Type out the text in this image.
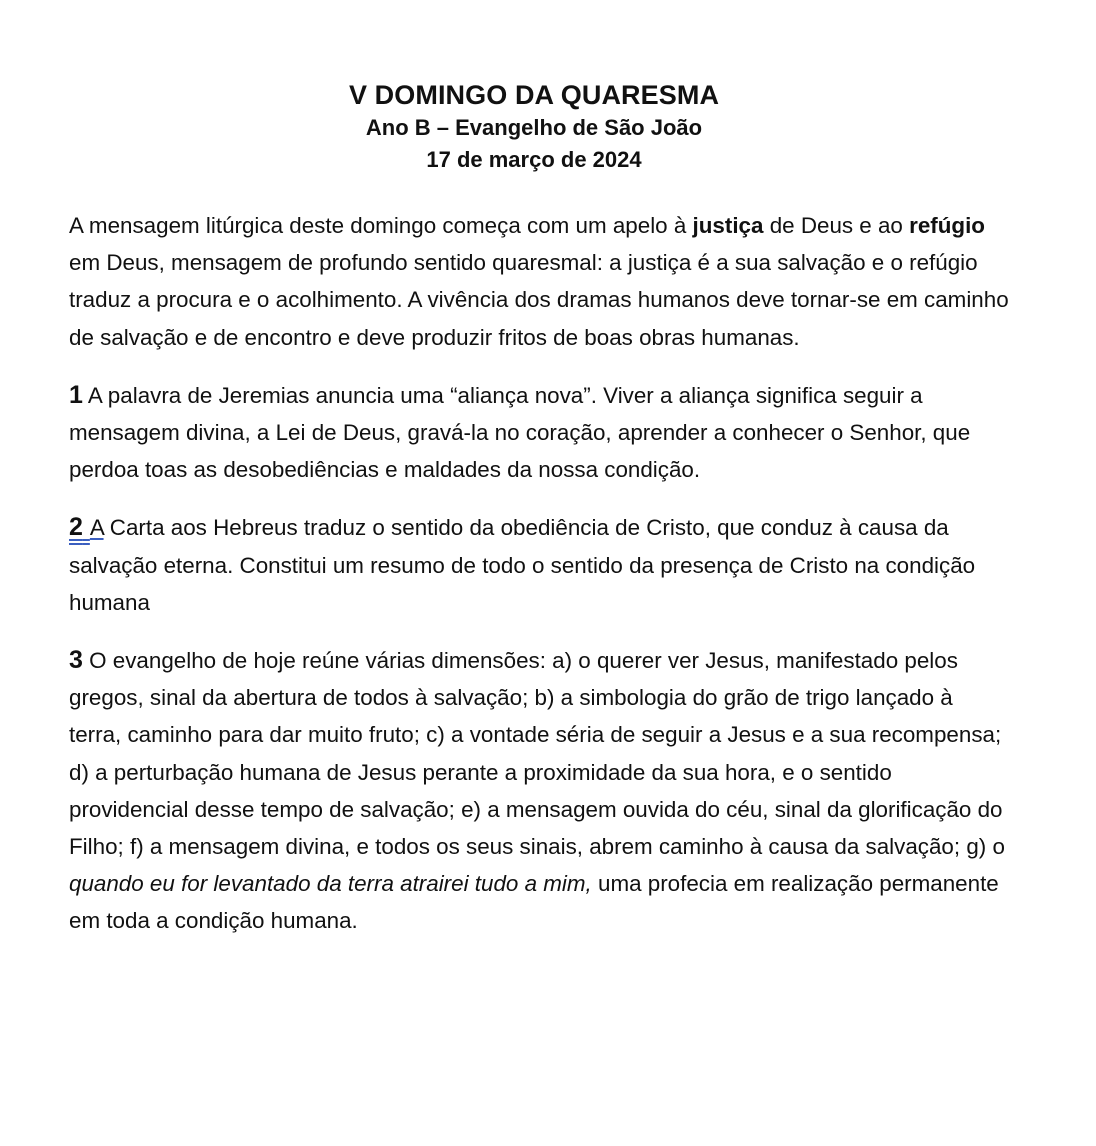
V DOMINGO DA QUARESMA
Ano B – Evangelho de São João
17 de março de 2024

A mensagem litúrgica deste domingo começa com um apelo à justiça de Deus e ao refúgio em Deus, mensagem de profundo sentido quaresmal: a justiça é a sua salvação e o refúgio traduz a procura e o acolhimento. A vivência dos dramas humanos deve tornar-se em caminho de salvação e de encontro e deve produzir fritos de boas obras humanas.

1 A palavra de Jeremias anuncia uma “aliança nova”. Viver a aliança significa seguir a mensagem divina, a Lei de Deus, gravá-la no coração, aprender a conhecer o Senhor, que perdoa toas as desobediências e maldades da nossa condição.

2 A Carta aos Hebreus traduz o sentido da obediência de Cristo, que conduz à causa da salvação eterna. Constitui um resumo de todo o sentido da presença de Cristo na condição humana

3 O evangelho de hoje reúne várias dimensões: a) o querer ver Jesus, manifestado pelos gregos, sinal da abertura de todos à salvação; b) a simbologia do grão de trigo lançado à terra, caminho para dar muito fruto; c) a vontade séria de seguir a Jesus e a sua recompensa; d) a perturbação humana de Jesus perante a proximidade da sua hora, e o sentido providencial desse tempo de salvação; e) a mensagem ouvida do céu, sinal da glorificação do Filho; f) a mensagem divina, e todos os seus sinais, abrem caminho à causa da salvação; g) o quando eu for levantado da terra atrairei tudo a mim, uma profecia em realização permanente em toda a condição humana.
